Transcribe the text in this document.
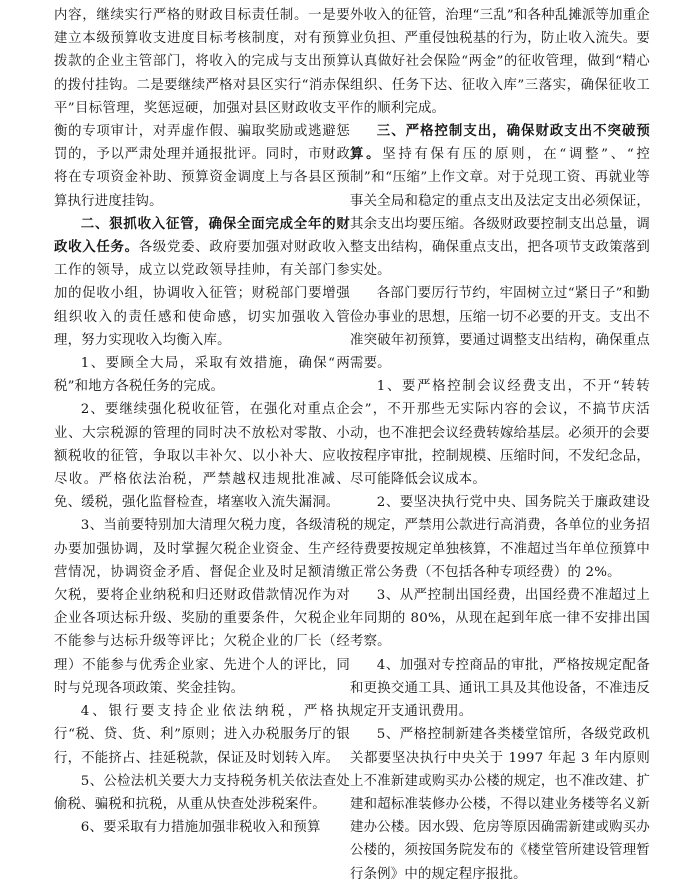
内容，继续实行严格的财政目标责任制。一是要建立本级预算收支进度目标考核制度，对有预算拨款的企业主管部门，将收入的完成与支出预算的拨付挂钩。二是要继续严格对县区实行“消赤保平”目标管理，奖惩逗硬，加强对县区财政收支平衡的专项审计，对弄虚作假、骗取奖励或逃避惩罚的，予以严肃处理并通报批评。同时，市财政将在专项资金补助、预算资金调度上与各县区预算执行进度挂钩。

二、狠抓收入征管，确保全面完成全年的财政收入任务。各级党委、政府要加强对财政收入工作的领导，成立以党政领导挂帅，有关部门参加的促收小组，协调收入征管；财税部门要增强组织收入的责任感和使命感，切实加强收入管理，努力实现收入均衡入库。

1、要顾全大局，采取有效措施，确保“两税”和地方各税任务的完成。

2、要继续强化税收征管，在强化对重点企业、大宗税源的管理的同时决不放松对零散、小额税收的征管，争取以丰补欠、以小补大、应收尽收。严格依法治税，严禁越权违规批准减、免、缓税，强化监督检查，堵塞收入流失漏洞。

3、当前要特别加大清理欠税力度，各级清税办要加强协调，及时掌握欠税企业资金、生产经营情况，协调资金矛盾、督促企业及时足额清缴欠税，要将企业纳税和归还财政借款情况作为对企业各项达标升级、奖励的重要条件，欠税企业不能参与达标升级等评比；欠税企业的厂长（经理）不能参与优秀企业家、先进个人的评比，同时与兑现各项政策、奖金挂钩。

4、银行要支持企业依法纳税，严格执行“税、贷、货、利”原则；进入办税服务厅的银行，不能挤占、挂延税款，保证及时划转入库。

5、公检法机关要大力支持税务机关依法查处偷税、骗税和抗税，从重从快查处涉税案件。

6、要采取有力措施加强非税收入和预算

外收入的征管，治理“三乱”和各种乱摊派等加重企业负担、严重侵蚀税基的行为，防止收入流失。要认真做好社会保险“两金”的征收管理，做到“精心组织、任务下达、征收入库”三落实，确保征收工作的顺利完成。

三、严格控制支出，确保财政支出不突破预算。坚持有保有压的原则，在“调整”、“控制”和“压缩”上作文章。对于兑现工资、再就业等事关全局和稳定的重点支出及法定支出必须保证，其余支出均要压缩。各级财政要控制支出总量，调整支出结构，确保重点支出，把各项节支政策落到实处。

各部门要厉行节约，牢固树立过“紧日子”和勤俭办事业的思想，压缩一切不必要的开支。支出不准突破年初预算，要通过调整支出结构，确保重点需要。

1、要严格控制会议经费支出，不开“转转会”，不开那些无实际内容的会议，不搞节庆活动，也不准把会议经费转嫁给基层。必须开的会要按程序审批，控制规模、压缩时间，不发纪念品，尽可能降低会议成本。

2、要坚决执行党中央、国务院关于廉政建设的规定，严禁用公款进行高消费，各单位的业务招待费要按规定单独核算，不准超过当年单位预算中正常公务费（不包括各种专项经费）的 2%。

3、从严控制出国经费，出国经费不准超过上年同期的 80%，从现在起到年底一律不安排出国考察。

4、加强对专控商品的审批，严格按规定配备和更换交通工具、通讯工具及其他设备，不准违反规定开支通讯费用。

5、严格控制新建各类楼堂馆所，各级党政机关都要坚决执行中央关于 1997 年起 3 年内原则上不准新建或购买办公楼的规定，也不准改建、扩建和超标准装修办公楼，不得以建业务楼等名义新建办公楼。因水毁、危房等原因确需新建或购买办公楼的，须按国务院发布的《楼堂管所建设管理暂行条例》中的规定程序报批。
